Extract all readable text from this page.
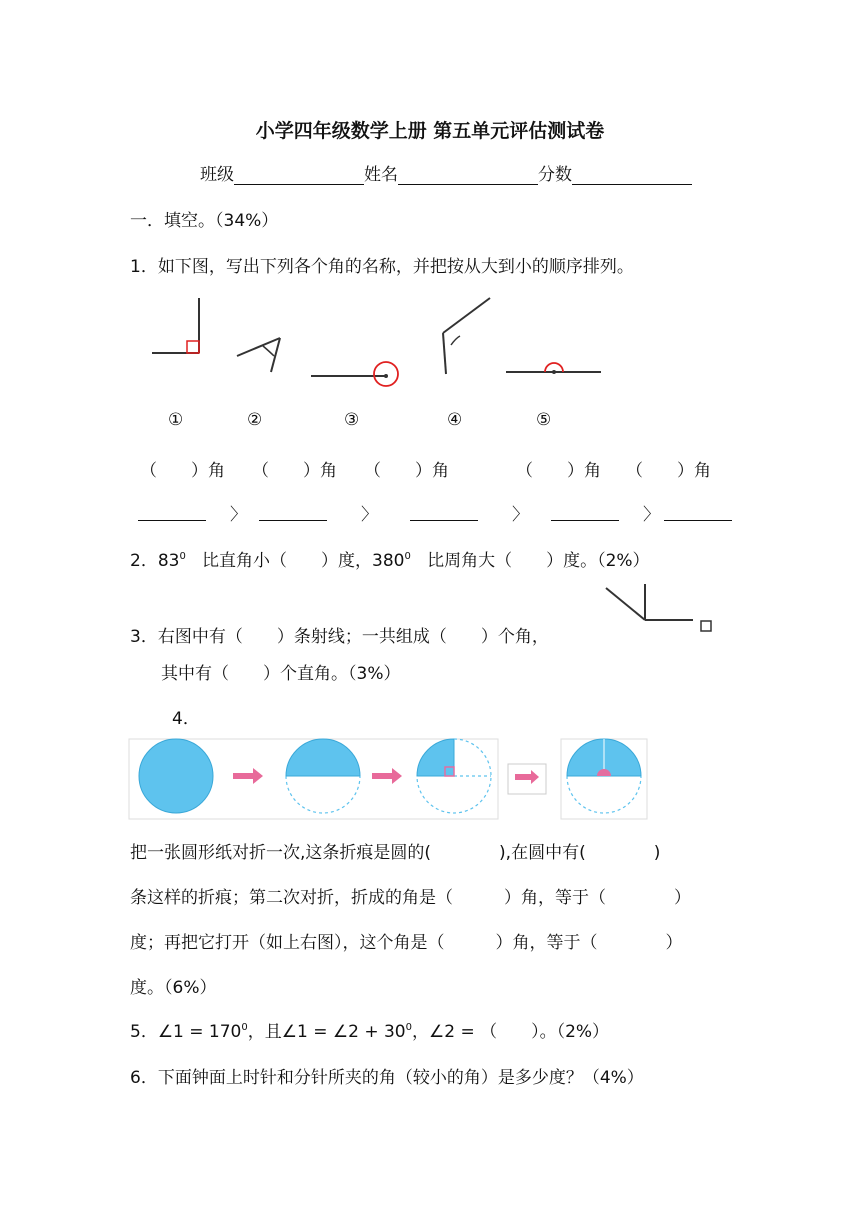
小学四年级数学上册 第五单元评估测试卷
班级	姓名	分数
一．填空。（34%）
1．如下图，写出下列各个角的名称，并把按从大到小的顺序排列。
①	②	③	④	⑤
（　　）角 （　　）角 （　　）角	（　　）角 （　　）角
〉	〉	〉	〉
2．$83^0$ 比直角小（　　）度，$380^0$ 比周角大（　　）度。（2%）
3．右图中有（　　）条射线；一共组成（　　）个角，
其中有（　　）个直角。（3%）
4．
把一张圆形纸对折一次,这条折痕是圆的(　　　　),在圆中有(　　　　)
条这样的折痕；第二次对折，折成的角是（　　　）角，等于（　　　　）
度；再把它打开（如上右图），这个角是（　　　）角，等于（　　　　）
度。（6%）
5．∠1 = $170^0$，且∠1 = ∠2 + $30^0$，∠2 = （　　）。（2%）
6．下面钟面上时针和分针所夹的角（较小的角）是多少度？（4%）
